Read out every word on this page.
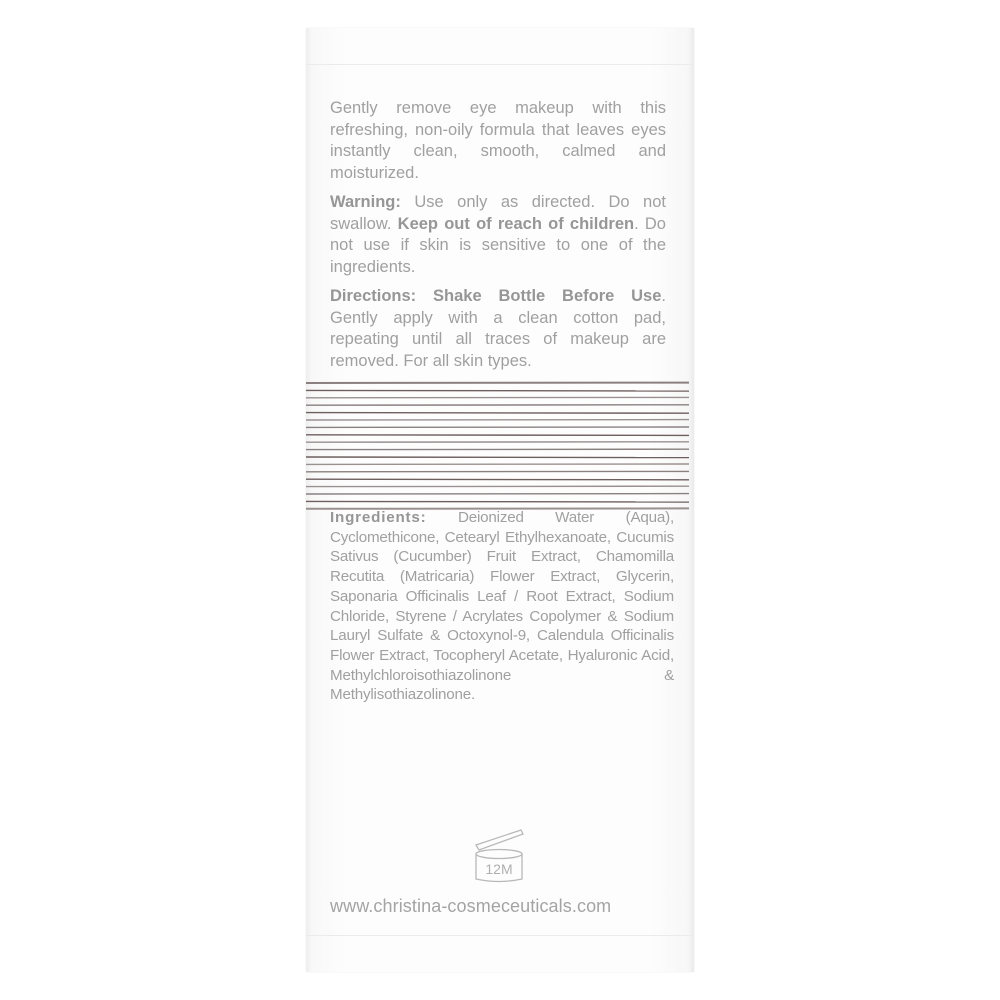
Gently remove eye makeup with this refreshing, non-oily formula that leaves eyes instantly clean, smooth, calmed and moisturized.

Warning: Use only as directed. Do not swallow. Keep out of reach of children. Do not use if skin is sensitive to one of the ingredients.

Directions: Shake Bottle Before Use. Gently apply with a clean cotton pad, repeating until all traces of makeup are removed. For all skin types.

Ingredients: Deionized Water (Aqua), Cyclomethicone, Cetearyl Ethylhexanoate, Cucumis Sativus (Cucumber) Fruit Extract, Chamomilla Recutita (Matricaria) Flower Extract, Glycerin, Saponaria Officinalis Leaf / Root Extract, Sodium Chloride, Styrene / Acrylates Copolymer & Sodium Lauryl Sulfate & Octoxynol-9, Calendula Officinalis Flower Extract, Tocopheryl Acetate, Hyaluronic Acid, Methylchloroisothiazolinone & Methylisothiazolinone.
12M
www.christina-cosmeceuticals.com
